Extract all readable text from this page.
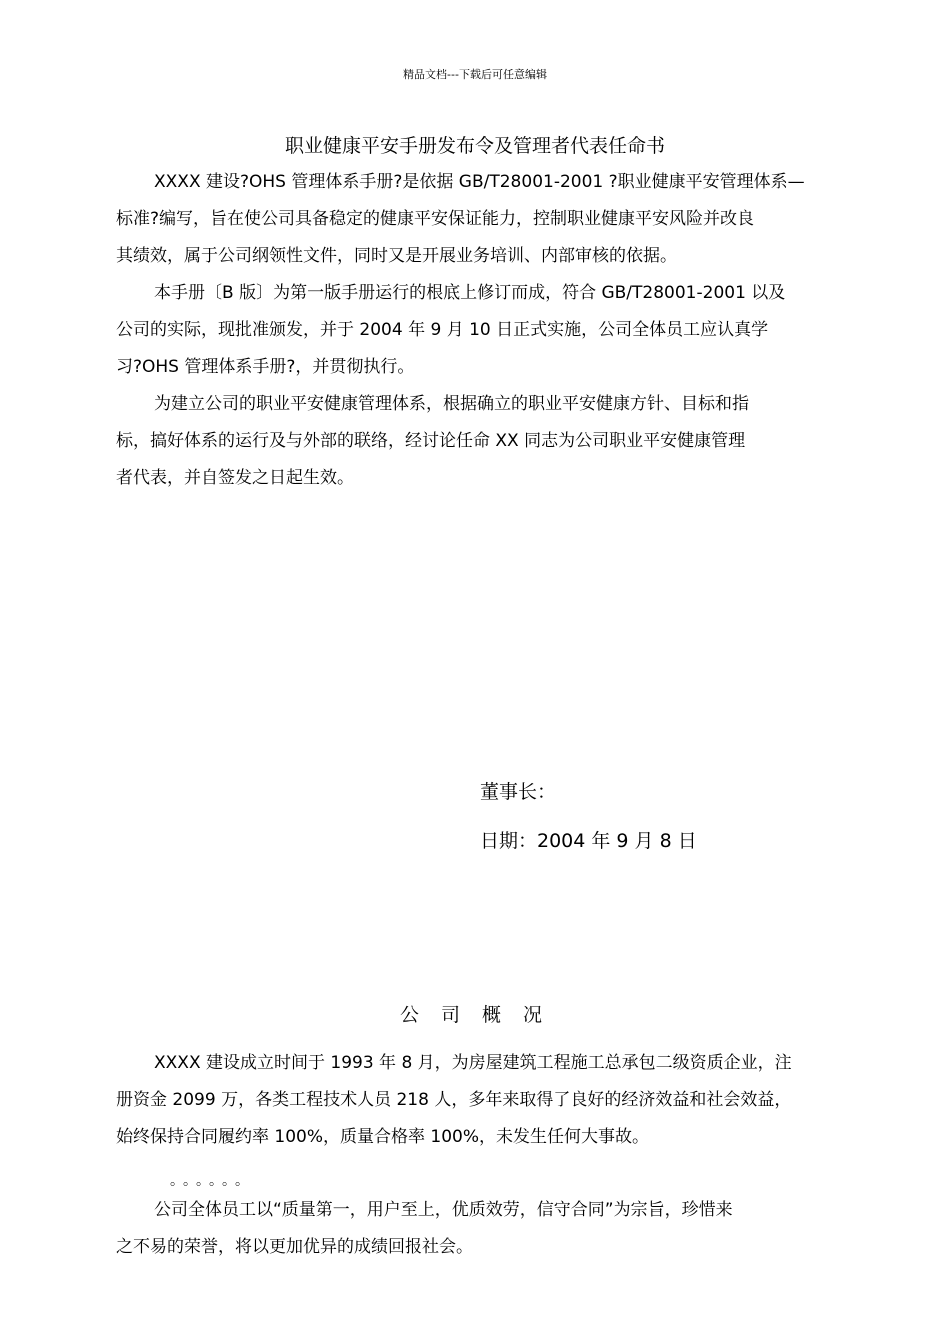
精品文档---下载后可任意编辑
职业健康平安手册发布令及管理者代表任命书
XXXX 建设?OHS 管理体系手册?是依据 GB/T28001-2001 ?职业健康平安管理体系—
标准?编写，旨在使公司具备稳定的健康平安保证能力，控制职业健康平安风险并改良
其绩效，属于公司纲领性文件，同时又是开展业务培训、内部审核的依据。
本手册〔B 版〕为第一版手册运行的根底上修订而成，符合 GB/T28001-2001 以及
公司的实际，现批准颁发，并于 2004 年 9 月 10 日正式实施，公司全体员工应认真学
习?OHS 管理体系手册?，并贯彻执行。
为建立公司的职业平安健康管理体系，根据确立的职业平安健康方针、目标和指
标，搞好体系的运行及与外部的联络，经讨论任命 XX 同志为公司职业平安健康管理
者代表，并自签发之日起生效。
董事长：
日期：2004 年 9 月 8 日
公 司 概 况
XXXX 建设成立时间于 1993 年 8 月，为房屋建筑工程施工总承包二级资质企业，注
册资金 2099 万，各类工程技术人员 218 人，多年来取得了良好的经济效益和社会效益，
始终保持合同履约率 100%，质量合格率 100%，未发生任何大事故。
。。。。。。
公司全体员工以“质量第一，用户至上，优质效劳，信守合同”为宗旨，珍惜来
之不易的荣誉，将以更加优异的成绩回报社会。
